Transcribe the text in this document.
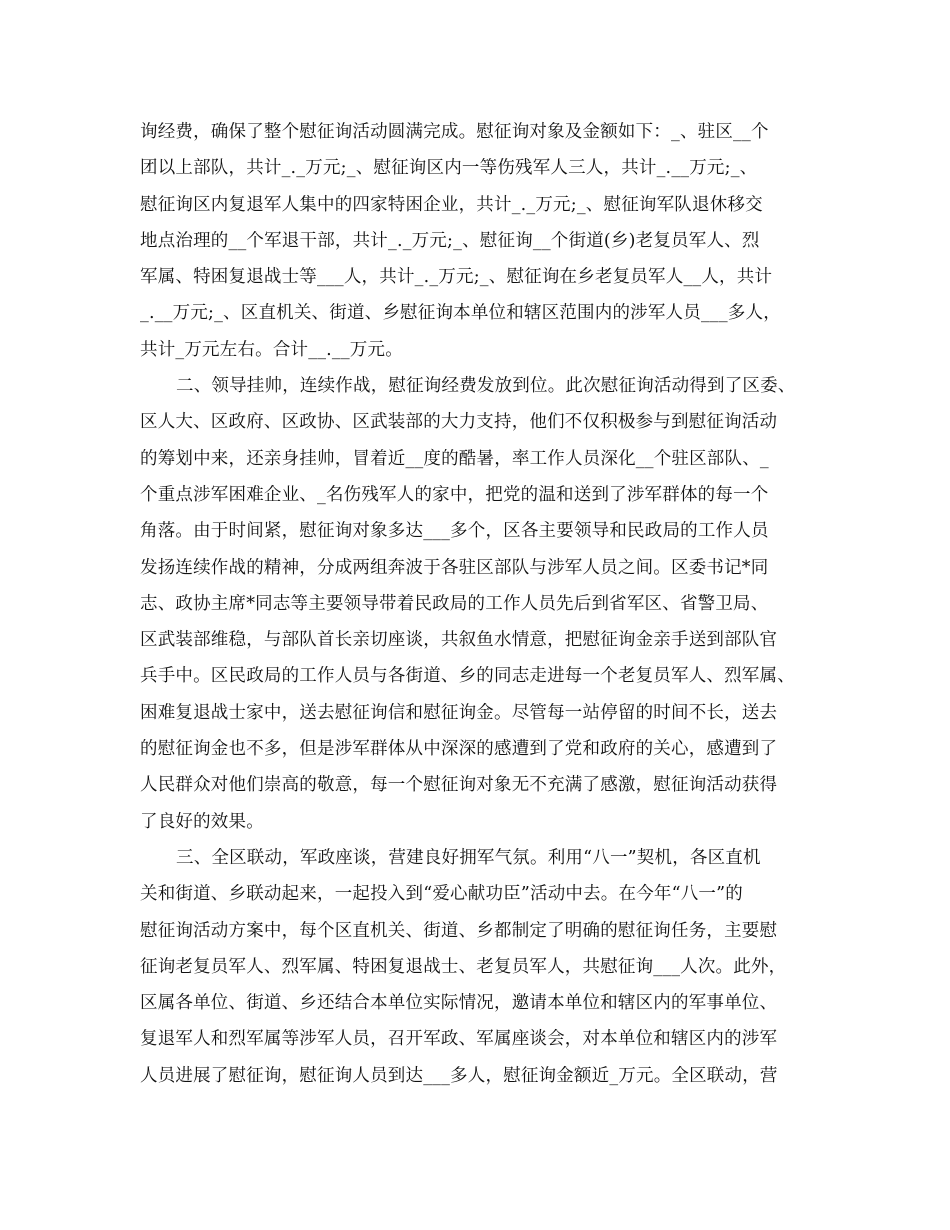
询经费，确保了整个慰征询活动圆满完成。慰征询对象及金额如下：_、驻区__个
团以上部队，共计_._万元;_、慰征询区内一等伤残军人三人，共计_.__万元;_、
慰征询区内复退军人集中的四家特困企业，共计_._万元;_、慰征询军队退休移交
地点治理的__个军退干部，共计_._万元;_、慰征询__个街道(乡)老复员军人、烈
军属、特困复退战士等___人，共计_._万元;_、慰征询在乡老复员军人__人，共计
_.__万元;_、区直机关、街道、乡慰征询本单位和辖区范围内的涉军人员___多人，
共计_万元左右。合计__.__万元。
二、领导挂帅，连续作战，慰征询经费发放到位。此次慰征询活动得到了区委、
区人大、区政府、区政协、区武装部的大力支持，他们不仅积极参与到慰征询活动
的筹划中来，还亲身挂帅，冒着近__度的酷暑，率工作人员深化__个驻区部队、_
个重点涉军困难企业、_名伤残军人的家中，把党的温和送到了涉军群体的每一个
角落。由于时间紧，慰征询对象多达___多个，区各主要领导和民政局的工作人员
发扬连续作战的精神，分成两组奔波于各驻区部队与涉军人员之间。区委书记*同
志、政协主席*同志等主要领导带着民政局的工作人员先后到省军区、省警卫局、
区武装部维稳，与部队首长亲切座谈，共叙鱼水情意，把慰征询金亲手送到部队官
兵手中。区民政局的工作人员与各街道、乡的同志走进每一个老复员军人、烈军属、
困难复退战士家中，送去慰征询信和慰征询金。尽管每一站停留的时间不长，送去
的慰征询金也不多，但是涉军群体从中深深的感遭到了党和政府的关心，感遭到了
人民群众对他们崇高的敬意，每一个慰征询对象无不充满了感激，慰征询活动获得
了良好的效果。
三、全区联动，军政座谈，营建良好拥军气氛。利用“八一”契机，各区直机
关和街道、乡联动起来，一起投入到“爱心献功臣”活动中去。在今年“八一”的
慰征询活动方案中，每个区直机关、街道、乡都制定了明确的慰征询任务，主要慰
征询老复员军人、烈军属、特困复退战士、老复员军人，共慰征询___人次。此外，
区属各单位、街道、乡还结合本单位实际情况，邀请本单位和辖区内的军事单位、
复退军人和烈军属等涉军人员，召开军政、军属座谈会，对本单位和辖区内的涉军
人员进展了慰征询，慰征询人员到达___多人，慰征询金额近_万元。全区联动，营
